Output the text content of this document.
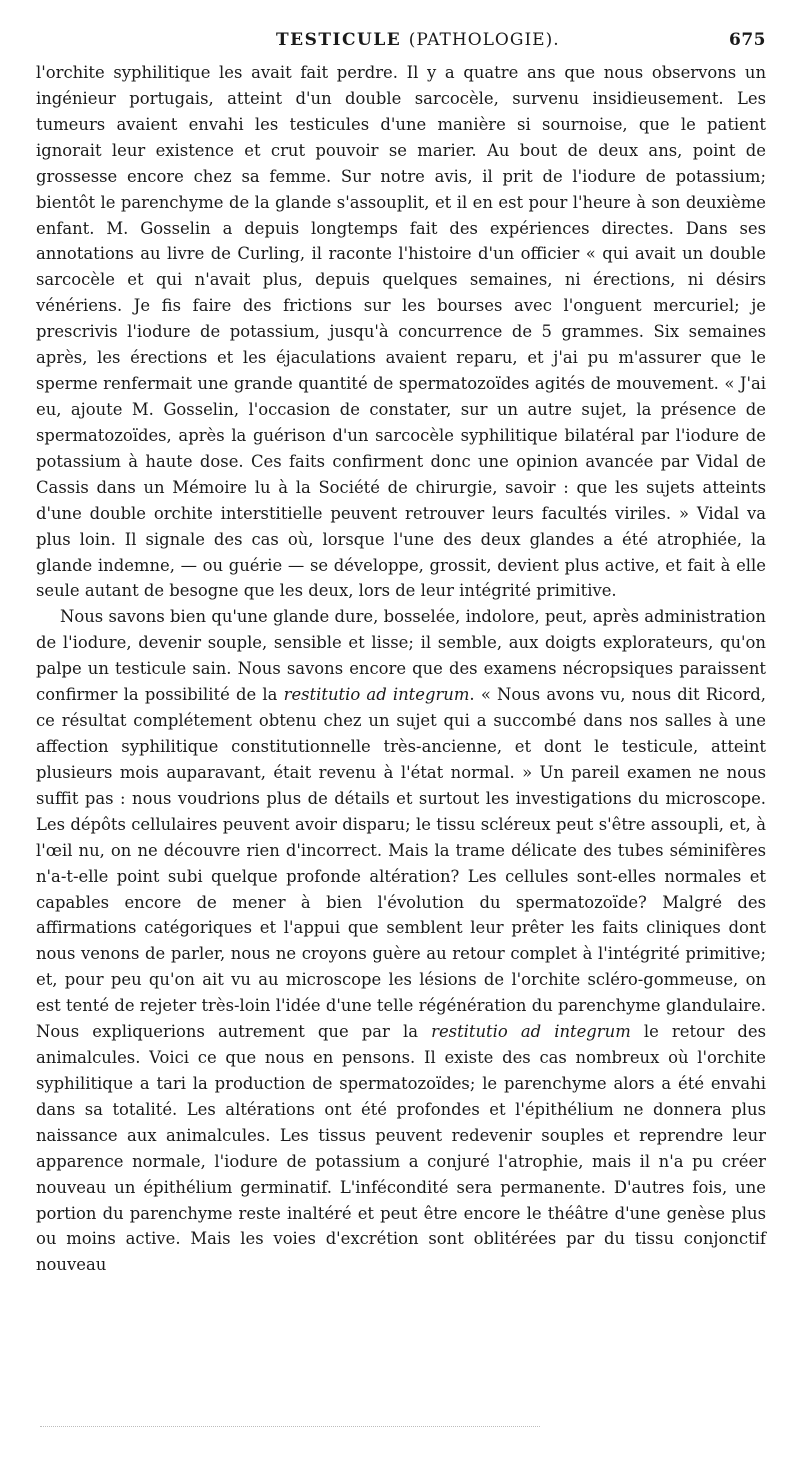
TESTICULE (PATHOLOGIE).	675

l'orchite syphilitique les avait fait perdre. Il y a quatre ans que nous observons un ingénieur portugais, atteint d'un double sarcocèle, survenu insidieusement. Les tumeurs avaient envahi les testicules d'une manière si sournoise, que le patient ignorait leur existence et crut pouvoir se marier. Au bout de deux ans, point de grossesse encore chez sa femme. Sur notre avis, il prit de l'iodure de potassium; bientôt le parenchyme de la glande s'assouplit, et il en est pour l'heure à son deuxième enfant. M. Gosselin a depuis longtemps fait des expériences directes. Dans ses annotations au livre de Curling, il raconte l'histoire d'un officier « qui avait un double sarcocèle et qui n'avait plus, depuis quelques semaines, ni érections, ni désirs vénériens. Je fis faire des frictions sur les bourses avec l'onguent mercuriel; je prescrivis l'iodure de potassium, jusqu'à concurrence de 5 grammes. Six semaines après, les érections et les éjaculations avaient reparu, et j'ai pu m'assurer que le sperme renfermait une grande quantité de spermatozoïdes agités de mouvement. « J'ai eu, ajoute M. Gosselin, l'occasion de constater, sur un autre sujet, la présence de spermatozoïdes, après la guérison d'un sarcocèle syphilitique bilatéral par l'iodure de potassium à haute dose. Ces faits confirment donc une opinion avancée par Vidal de Cassis dans un Mémoire lu à la Société de chirurgie, savoir : que les sujets atteints d'une double orchite interstitielle peuvent retrouver leurs facultés viriles. » Vidal va plus loin. Il signale des cas où, lorsque l'une des deux glandes a été atrophiée, la glande indemne, — ou guérie — se développe, grossit, devient plus active, et fait à elle seule autant de besogne que les deux, lors de leur intégrité primitive.

Nous savons bien qu'une glande dure, bosselée, indolore, peut, après administration de l'iodure, devenir souple, sensible et lisse; il semble, aux doigts explorateurs, qu'on palpe un testicule sain. Nous savons encore que des examens nécropsiques paraissent confirmer la possibilité de la restitutio ad integrum. « Nous avons vu, nous dit Ricord, ce résultat complétement obtenu chez un sujet qui a succombé dans nos salles à une affection syphilitique constitutionnelle très-ancienne, et dont le testicule, atteint plusieurs mois auparavant, était revenu à l'état normal. » Un pareil examen ne nous suffit pas : nous voudrions plus de détails et surtout les investigations du microscope. Les dépôts cellulaires peuvent avoir disparu; le tissu scléreux peut s'être assoupli, et, à l'œil nu, on ne découvre rien d'incorrect. Mais la trame délicate des tubes séminifères n'a-t-elle point subi quelque profonde altération? Les cellules sont-elles normales et capables encore de mener à bien l'évolution du spermatozoïde? Malgré des affirmations catégoriques et l'appui que semblent leur prêter les faits cliniques dont nous venons de parler, nous ne croyons guère au retour complet à l'intégrité primitive; et, pour peu qu'on ait vu au microscope les lésions de l'orchite scléro-gommeuse, on est tenté de rejeter très-loin l'idée d'une telle régénération du parenchyme glandulaire. Nous expliquerions autrement que par la restitutio ad integrum le retour des animalcules. Voici ce que nous en pensons. Il existe des cas nombreux où l'orchite syphilitique a tari la production de spermatozoïdes; le parenchyme alors a été envahi dans sa totalité. Les altérations ont été profondes et l'épithélium ne donnera plus naissance aux animalcules. Les tissus peuvent redevenir souples et reprendre leur apparence normale, l'iodure de potassium a conjuré l'atrophie, mais il n'a pu créer nouveau un épithélium germinatif. L'infécondité sera permanente. D'autres fois, une portion du parenchyme reste inaltéré et peut être encore le théâtre d'une genèse plus ou moins active. Mais les voies d'excrétion sont oblitérées par du tissu conjonctif nouveau
